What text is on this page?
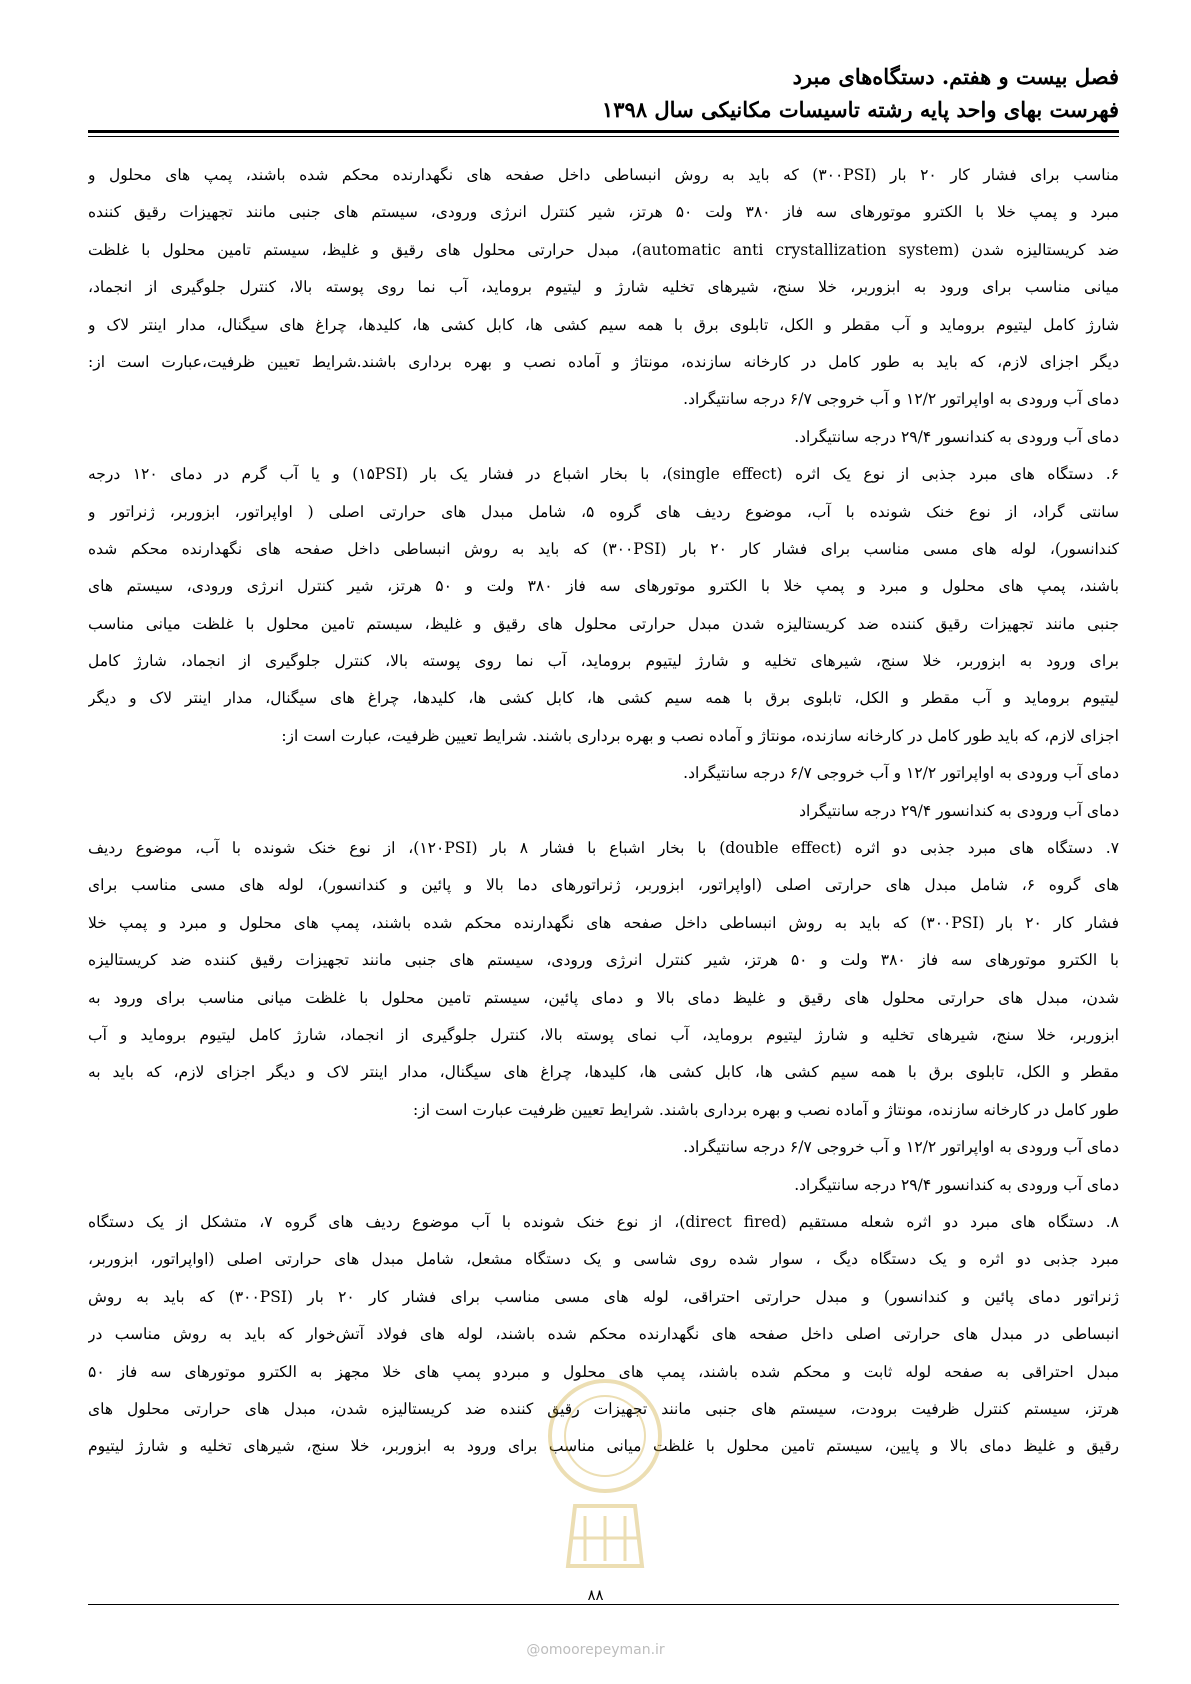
فصل بیست و هفتم. دستگاه‌های مبرد
فهرست بهای واحد پایه رشته تاسیسات مکانیکی سال ۱۳۹۸
مناسب برای فشار کار ۲۰ بار (۳۰۰PSI) که باید به روش انبساطی داخل صفحه های نگهدارنده محکم شده باشند، پمپ های محلول و
مبرد و پمپ خلا با الکترو موتورهای سه فاز ۳۸۰ ولت ۵۰ هرتز، شیر کنترل انرژی ورودی، سیستم های جنبی مانند تجهیزات رقیق کننده
ضد کریستالیزه شدن (automatic anti crystallization system)، مبدل حرارتی محلول های رقیق و غلیظ، سیستم تامین محلول با غلظت
میانی مناسب برای ورود به ابزوربر، خلا سنج، شیرهای تخلیه شارژ و لیتیوم بروماید، آب نما روی پوسته بالا، کنترل جلوگیری از انجماد،
شارژ کامل لیتیوم بروماید و آب مقطر و الکل، تابلوی برق با همه سیم کشی ها، کابل کشی ها، کلیدها، چراغ های سیگنال، مدار اینتر لاک و
دیگر اجزای لازم، که باید به طور کامل در کارخانه سازنده، مونتاژ و آماده نصب و بهره برداری باشند.شرایط تعیین ظرفیت،عبارت است از:
دمای آب ورودی به اواپراتور ۱۲/۲ و آب خروجی ۶/۷ درجه سانتیگراد.
دمای آب ورودی به کندانسور ۲۹/۴ درجه سانتیگراد.
۶. دستگاه های مبرد جذبی از نوع یک اثره (single effect)، با بخار اشباع در فشار یک بار (۱۵PSI) و یا آب گرم در دمای ۱۲۰ درجه
سانتی گراد، از نوع خنک شونده با آب، موضوع ردیف های گروه ۵، شامل مبدل های حرارتی اصلی ( اواپراتور، ابزوربر، ژنراتور و
کندانسور)، لوله های مسی مناسب برای فشار کار ۲۰ بار (۳۰۰PSI) که باید به روش انبساطی داخل صفحه های نگهدارنده محکم شده
باشند، پمپ های محلول و مبرد و پمپ خلا با الکترو موتورهای سه فاز ۳۸۰ ولت و ۵۰ هرتز، شیر کنترل انرژی ورودی، سیستم های
جنبی مانند تجهیزات رقیق کننده ضد کریستالیزه شدن مبدل حرارتی محلول های رقیق و غلیظ، سیستم تامین محلول با غلظت میانی مناسب
برای ورود به ابزوربر، خلا سنج، شیرهای تخلیه و شارژ لیتیوم بروماید، آب نما روی پوسته بالا، کنترل جلوگیری از انجماد، شارژ کامل
لیتیوم بروماید و آب مقطر و الکل، تابلوی برق با همه سیم کشی ها، کابل کشی ها، کلیدها، چراغ های سیگنال، مدار اینتر لاک و دیگر
اجزای لازم، که باید طور کامل در کارخانه سازنده، مونتاژ و آماده نصب و بهره برداری باشند. شرایط تعیین ظرفیت، عبارت است از:
دمای آب ورودی به اواپراتور ۱۲/۲ و آب خروجی ۶/۷ درجه سانتیگراد.
دمای آب ورودی به کندانسور ۲۹/۴ درجه سانتیگراد
۷. دستگاه های مبرد جذبی دو اثره (double effect) با بخار اشباع با فشار ۸ بار (۱۲۰PSI)، از نوع خنک شونده با آب، موضوع ردیف
های گروه ۶، شامل مبدل های حرارتی اصلی (اواپراتور، ابزوربر، ژنراتورهای دما بالا و پائین و کندانسور)، لوله های مسی مناسب برای
فشار کار ۲۰ بار (۳۰۰PSI) که باید به روش انبساطی داخل صفحه های نگهدارنده محکم شده باشند، پمپ های محلول و مبرد و پمپ خلا
با الکترو موتورهای سه فاز ۳۸۰ ولت و ۵۰ هرتز، شیر کنترل انرژی ورودی، سیستم های جنبی مانند تجهیزات رقیق کننده ضد کریستالیزه
شدن، مبدل های حرارتی محلول های رقیق و غلیظ دمای بالا و دمای پائین، سیستم تامین محلول با غلظت میانی مناسب برای ورود به
ابزوربر، خلا سنج، شیرهای تخلیه و شارژ لیتیوم بروماید، آب نمای پوسته بالا، کنترل جلوگیری از انجماد، شارژ کامل لیتیوم بروماید و آب
مقطر و الکل، تابلوی برق با همه سیم کشی ها، کابل کشی ها، کلیدها، چراغ های سیگنال، مدار اینتر لاک و دیگر اجزای لازم، که باید به
طور کامل در کارخانه سازنده، مونتاژ و آماده نصب و بهره برداری باشند. شرایط تعیین ظرفیت عبارت است از:
دمای آب ورودی به اواپراتور ۱۲/۲ و آب خروجی ۶/۷ درجه سانتیگراد.
دمای آب ورودی به کندانسور ۲۹/۴ درجه سانتیگراد.
۸. دستگاه های مبرد دو اثره شعله مستقیم (direct fired)، از نوع خنک شونده با آب موضوع ردیف های گروه ۷، متشکل از یک دستگاه
مبرد جذبی دو اثره و یک دستگاه دیگ ، سوار شده روی شاسی و یک دستگاه مشعل، شامل مبدل های حرارتی اصلی (اواپراتور، ابزوربر،
ژنراتور دمای پائین و کندانسور) و مبدل حرارتی احتراقی، لوله های مسی مناسب برای فشار کار ۲۰ بار (۳۰۰PSI) که باید به روش
انبساطی در مبدل های حرارتی اصلی داخل صفحه های نگهدارنده محکم شده باشند، لوله های فولاد آتش‌خوار که باید به روش مناسب در
مبدل احتراقی به صفحه لوله ثابت و محکم شده باشند، پمپ های محلول و مبردو پمپ های خلا مجهز به الکترو موتورهای سه فاز ۵۰
هرتز، سیستم کنترل ظرفیت برودت، سیستم های جنبی مانند تجهیزات رقیق کننده ضد کریستالیزه شدن، مبدل های حرارتی محلول های
رقیق و غلیظ دمای بالا و پایین، سیستم تامین محلول با غلظت میانی مناسب برای ورود به ابزوربر، خلا سنج، شیرهای تخلیه و شارژ لیتیوم
۸۸
@omoorepeyman.ir
